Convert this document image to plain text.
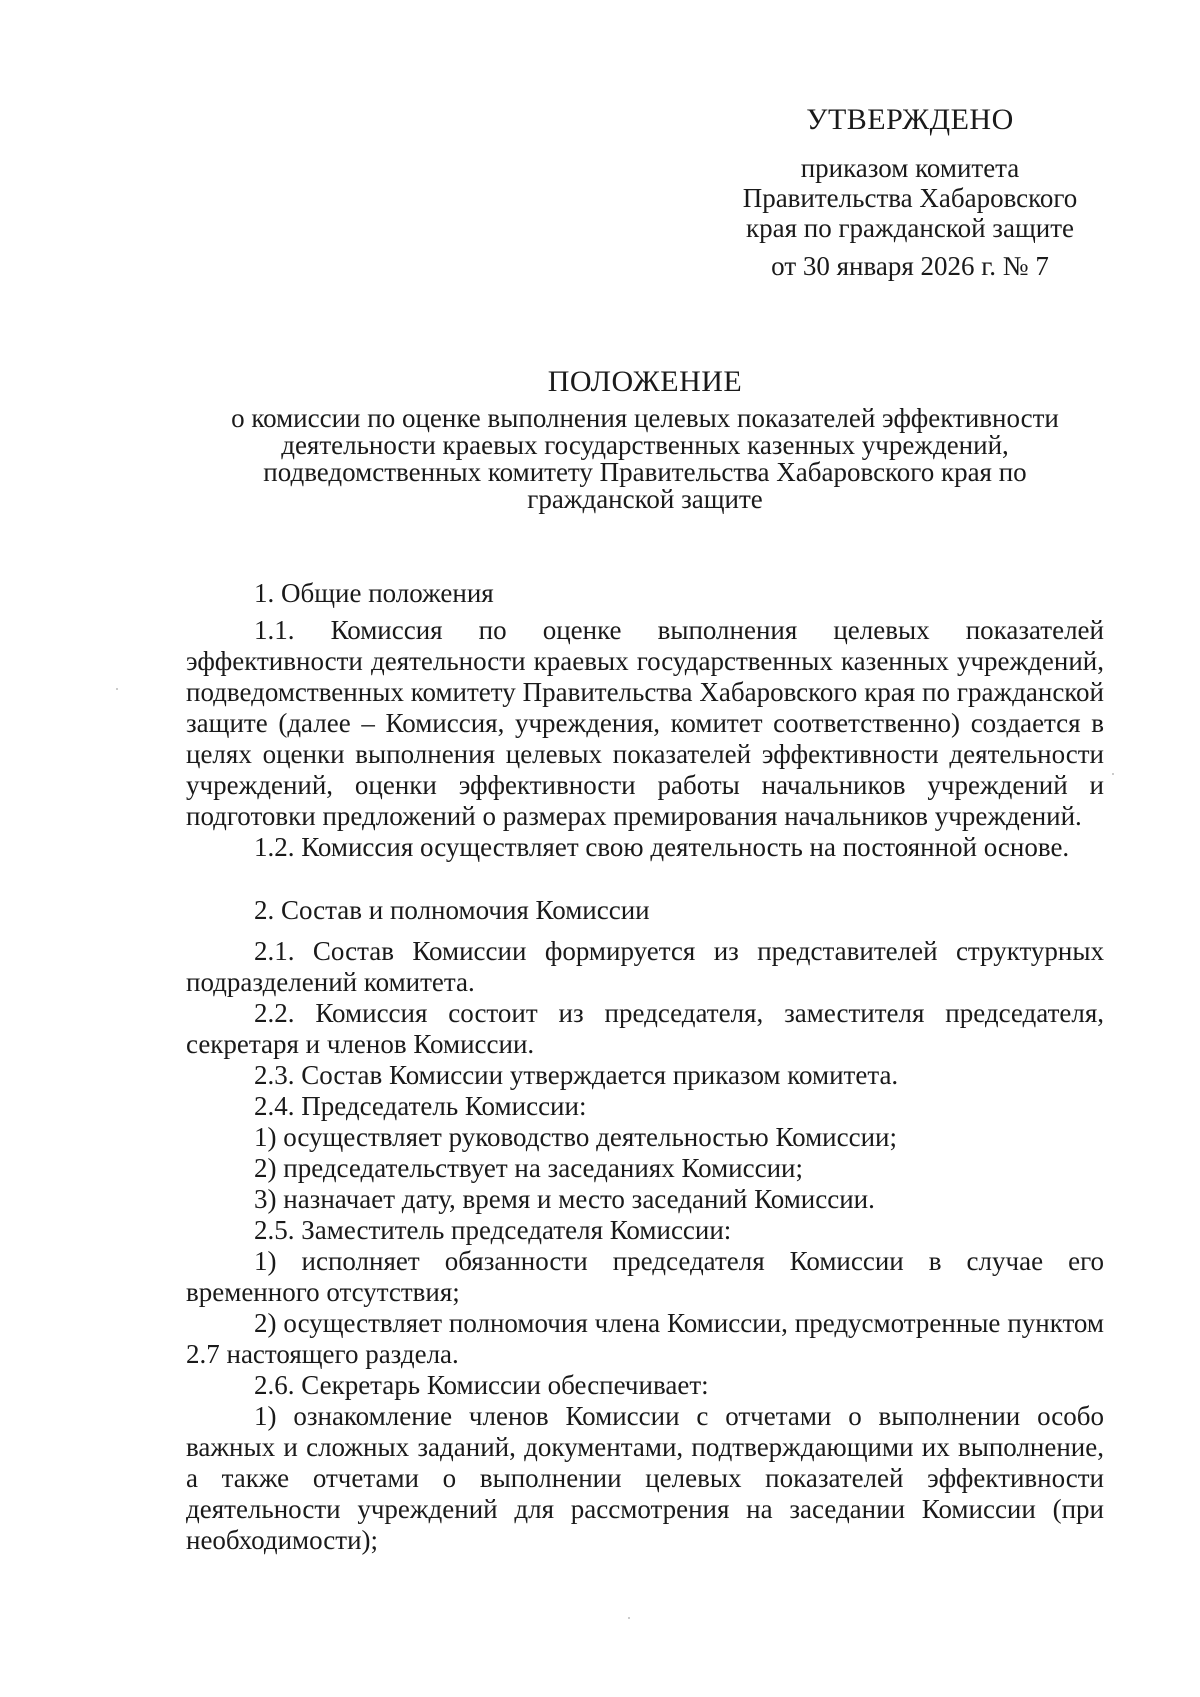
УТВЕРЖДЕНО
приказом комитета
Правительства Хабаровского
края по гражданской защите
от 30 января 2026 г. № 7
ПОЛОЖЕНИЕ
о комиссии по оценке выполнения целевых показателей эффективности
деятельности краевых государственных казенных учреждений,
подведомственных комитету Правительства Хабаровского края по
гражданской защите

1. Общие положения

1.1. Комиссия по оценке выполнения целевых показателей эффективности деятельности краевых государственных казенных учреждений, подведомственных комитету Правительства Хабаровского края по гражданской защите (далее – Комиссия, учреждения, комитет соответственно) создается в целях оценки выполнения целевых показателей эффективности деятельности учреждений, оценки эффективности работы начальников учреждений и подготовки предложений о размерах премирования начальников учреждений.

1.2. Комиссия осуществляет свою деятельность на постоянной основе.

2. Состав и полномочия Комиссии

2.1. Состав Комиссии формируется из представителей структурных подразделений комитета.

2.2. Комиссия состоит из председателя, заместителя председателя, секретаря и членов Комиссии.

2.3. Состав Комиссии утверждается приказом комитета.

2.4. Председатель Комиссии:

1) осуществляет руководство деятельностью Комиссии;

2) председательствует на заседаниях Комиссии;

3) назначает дату, время и место заседаний Комиссии.

2.5. Заместитель председателя Комиссии:

1) исполняет обязанности председателя Комиссии в случае его временного отсутствия;

2) осуществляет полномочия члена Комиссии, предусмотренные пунктом 2.7 настоящего раздела.

2.6. Секретарь Комиссии обеспечивает:

1) ознакомление членов Комиссии с отчетами о выполнении особо важных и сложных заданий, документами, подтверждающими их выполнение, а также отчетами о выполнении целевых показателей эффективности деятельности учреждений для рассмотрения на заседании Комиссии (при необходимости);
